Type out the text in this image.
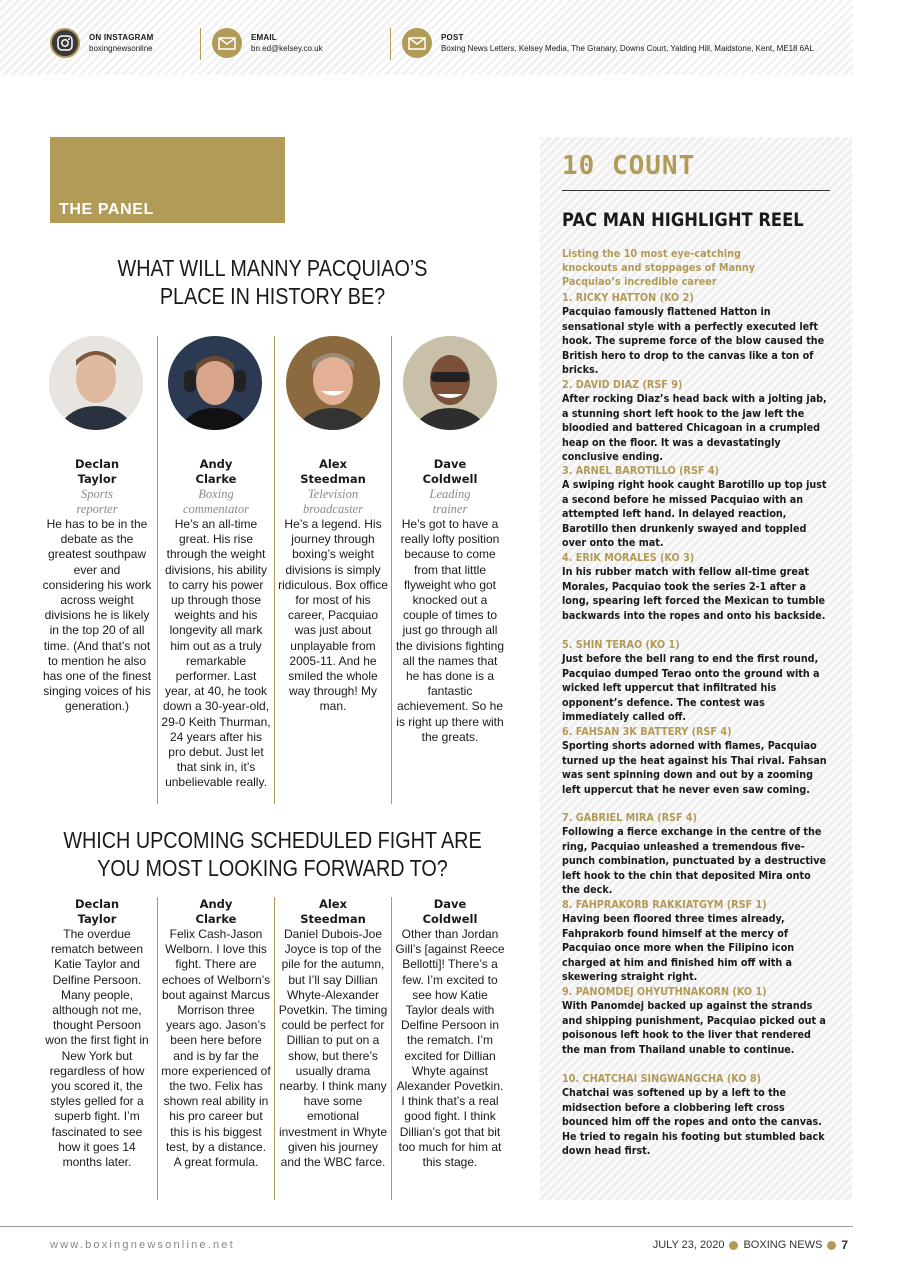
ON INSTAGRAM
boxingnewsonline
EMAIL
bn.ed@kelsey.co.uk
POST
Boxing News Letters, Kelsey Media, The Granary, Downs Court, Yalding Hill, Maidstone, Kent, ME18 6AL
THE PANEL
WHAT WILL MANNY PACQUIAO’S
PLACE IN HISTORY BE?
Declan
Taylor
Sports
reporter
He has to be in the debate as the greatest southpaw ever and considering his work across weight divisions he is likely in the top 20 of all time. (And that’s not to mention he also has one of the finest singing voices of his generation.)
Andy
Clarke
Boxing
commentator
He’s an all-time great. His rise through the weight divisions, his ability to carry his power up through those weights and his longevity all mark him out as a truly remarkable performer. Last year, at 40, he took down a 30-year-old, 29-0 Keith Thurman, 24 years after his pro debut. Just let that sink in, it’s unbelievable really.
Alex
Steedman
Television
broadcaster
He’s a legend. His journey through boxing’s weight divisions is simply ridiculous. Box office for most of his career, Pacquiao was just about unplayable from 2005-11. And he smiled the whole way through! My man.
Dave
Coldwell
Leading
trainer
He’s got to have a really lofty position because to come from that little flyweight who got knocked out a couple of times to just go through all the divisions fighting all the names that he has done is a fantastic achievement. So he is right up there with the greats.
WHICH UPCOMING SCHEDULED FIGHT ARE
YOU MOST LOOKING FORWARD TO?
Declan
Taylor
The overdue rematch between Katie Taylor and Delfine Persoon. Many people, although not me, thought Persoon won the first fight in New York but regardless of how you scored it, the styles gelled for a superb fight. I’m fascinated to see how it goes 14 months later.
Andy
Clarke
Felix Cash-Jason Welborn. I love this fight. There are echoes of Welborn’s bout against Marcus Morrison three years ago. Jason’s been here before and is by far the more experienced of the two. Felix has shown real ability in his pro career but this is his biggest test, by a distance. A great formula.
Alex
Steedman
Daniel Dubois-Joe Joyce is top of the pile for the autumn, but I’ll say Dillian Whyte-Alexander Povetkin. The timing could be perfect for Dillian to put on a show, but there’s usually drama nearby. I think many have some emotional investment in Whyte given his journey and the WBC farce.
Dave
Coldwell
Other than Jordan Gill’s [against Reece Bellotti]! There’s a few. I’m excited to see how Katie Taylor deals with Delfine Persoon in the rematch. I’m excited for Dillian Whyte against Alexander Povetkin. I think that’s a real good fight. I think Dillian’s got that bit too much for him at this stage.
10 COUNT
PAC MAN HIGHLIGHT REEL
Listing the 10 most eye-catching knockouts and stoppages of Manny Pacquiao’s incredible career
1. RICKY HATTON (KO 2)
Pacquiao famously flattened Hatton in sensational style with a perfectly executed left hook. The supreme force of the blow caused the British hero to drop to the canvas like a ton of bricks.
2. DAVID DIAZ (RSF 9)
After rocking Diaz’s head back with a jolting jab, a stunning short left hook to the jaw left the bloodied and battered Chicagoan in a crumpled heap on the floor. It was a devastatingly conclusive ending.
3. ARNEL BAROTILLO (RSF 4)
A swiping right hook caught Barotillo up top just a second before he missed Pacquiao with an attempted left hand. In delayed reaction, Barotillo then drunkenly swayed and toppled over onto the mat.
4. ERIK MORALES (KO 3)
In his rubber match with fellow all-time great Morales, Pacquiao took the series 2-1 after a long, spearing left forced the Mexican to tumble backwards into the ropes and onto his backside.
5. SHIN TERAO (KO 1)
Just before the bell rang to end the first round, Pacquiao dumped Terao onto the ground with a wicked left uppercut that infiltrated his opponent’s defence. The contest was immediately called off.
6. FAHSAN 3K BATTERY (RSF 4)
Sporting shorts adorned with flames, Pacquiao turned up the heat against his Thai rival. Fahsan was sent spinning down and out by a zooming left uppercut that he never even saw coming.
7. GABRIEL MIRA (RSF 4)
Following a fierce exchange in the centre of the ring, Pacquiao unleashed a tremendous five-punch combination, punctuated by a destructive left hook to the chin that deposited Mira onto the deck.
8. FAHPRAKORB RAKKIATGYM (RSF 1)
Having been floored three times already, Fahprakorb found himself at the mercy of Pacquiao once more when the Filipino icon charged at him and finished him off with a skewering straight right.
9. PANOMDEJ OHYUTHNAKORN (KO 1)
With Panomdej backed up against the strands and shipping punishment, Pacquiao picked out a poisonous left hook to the liver that rendered the man from Thailand unable to continue.
10. CHATCHAI SINGWANGCHA (KO 8)
Chatchai was softened up by a left to the midsection before a clobbering left cross bounced him off the ropes and onto the canvas. He tried to regain his footing but stumbled back down head first.
www.boxingnewsonline.net	JULY 23, 2020 BOXING NEWS 7
